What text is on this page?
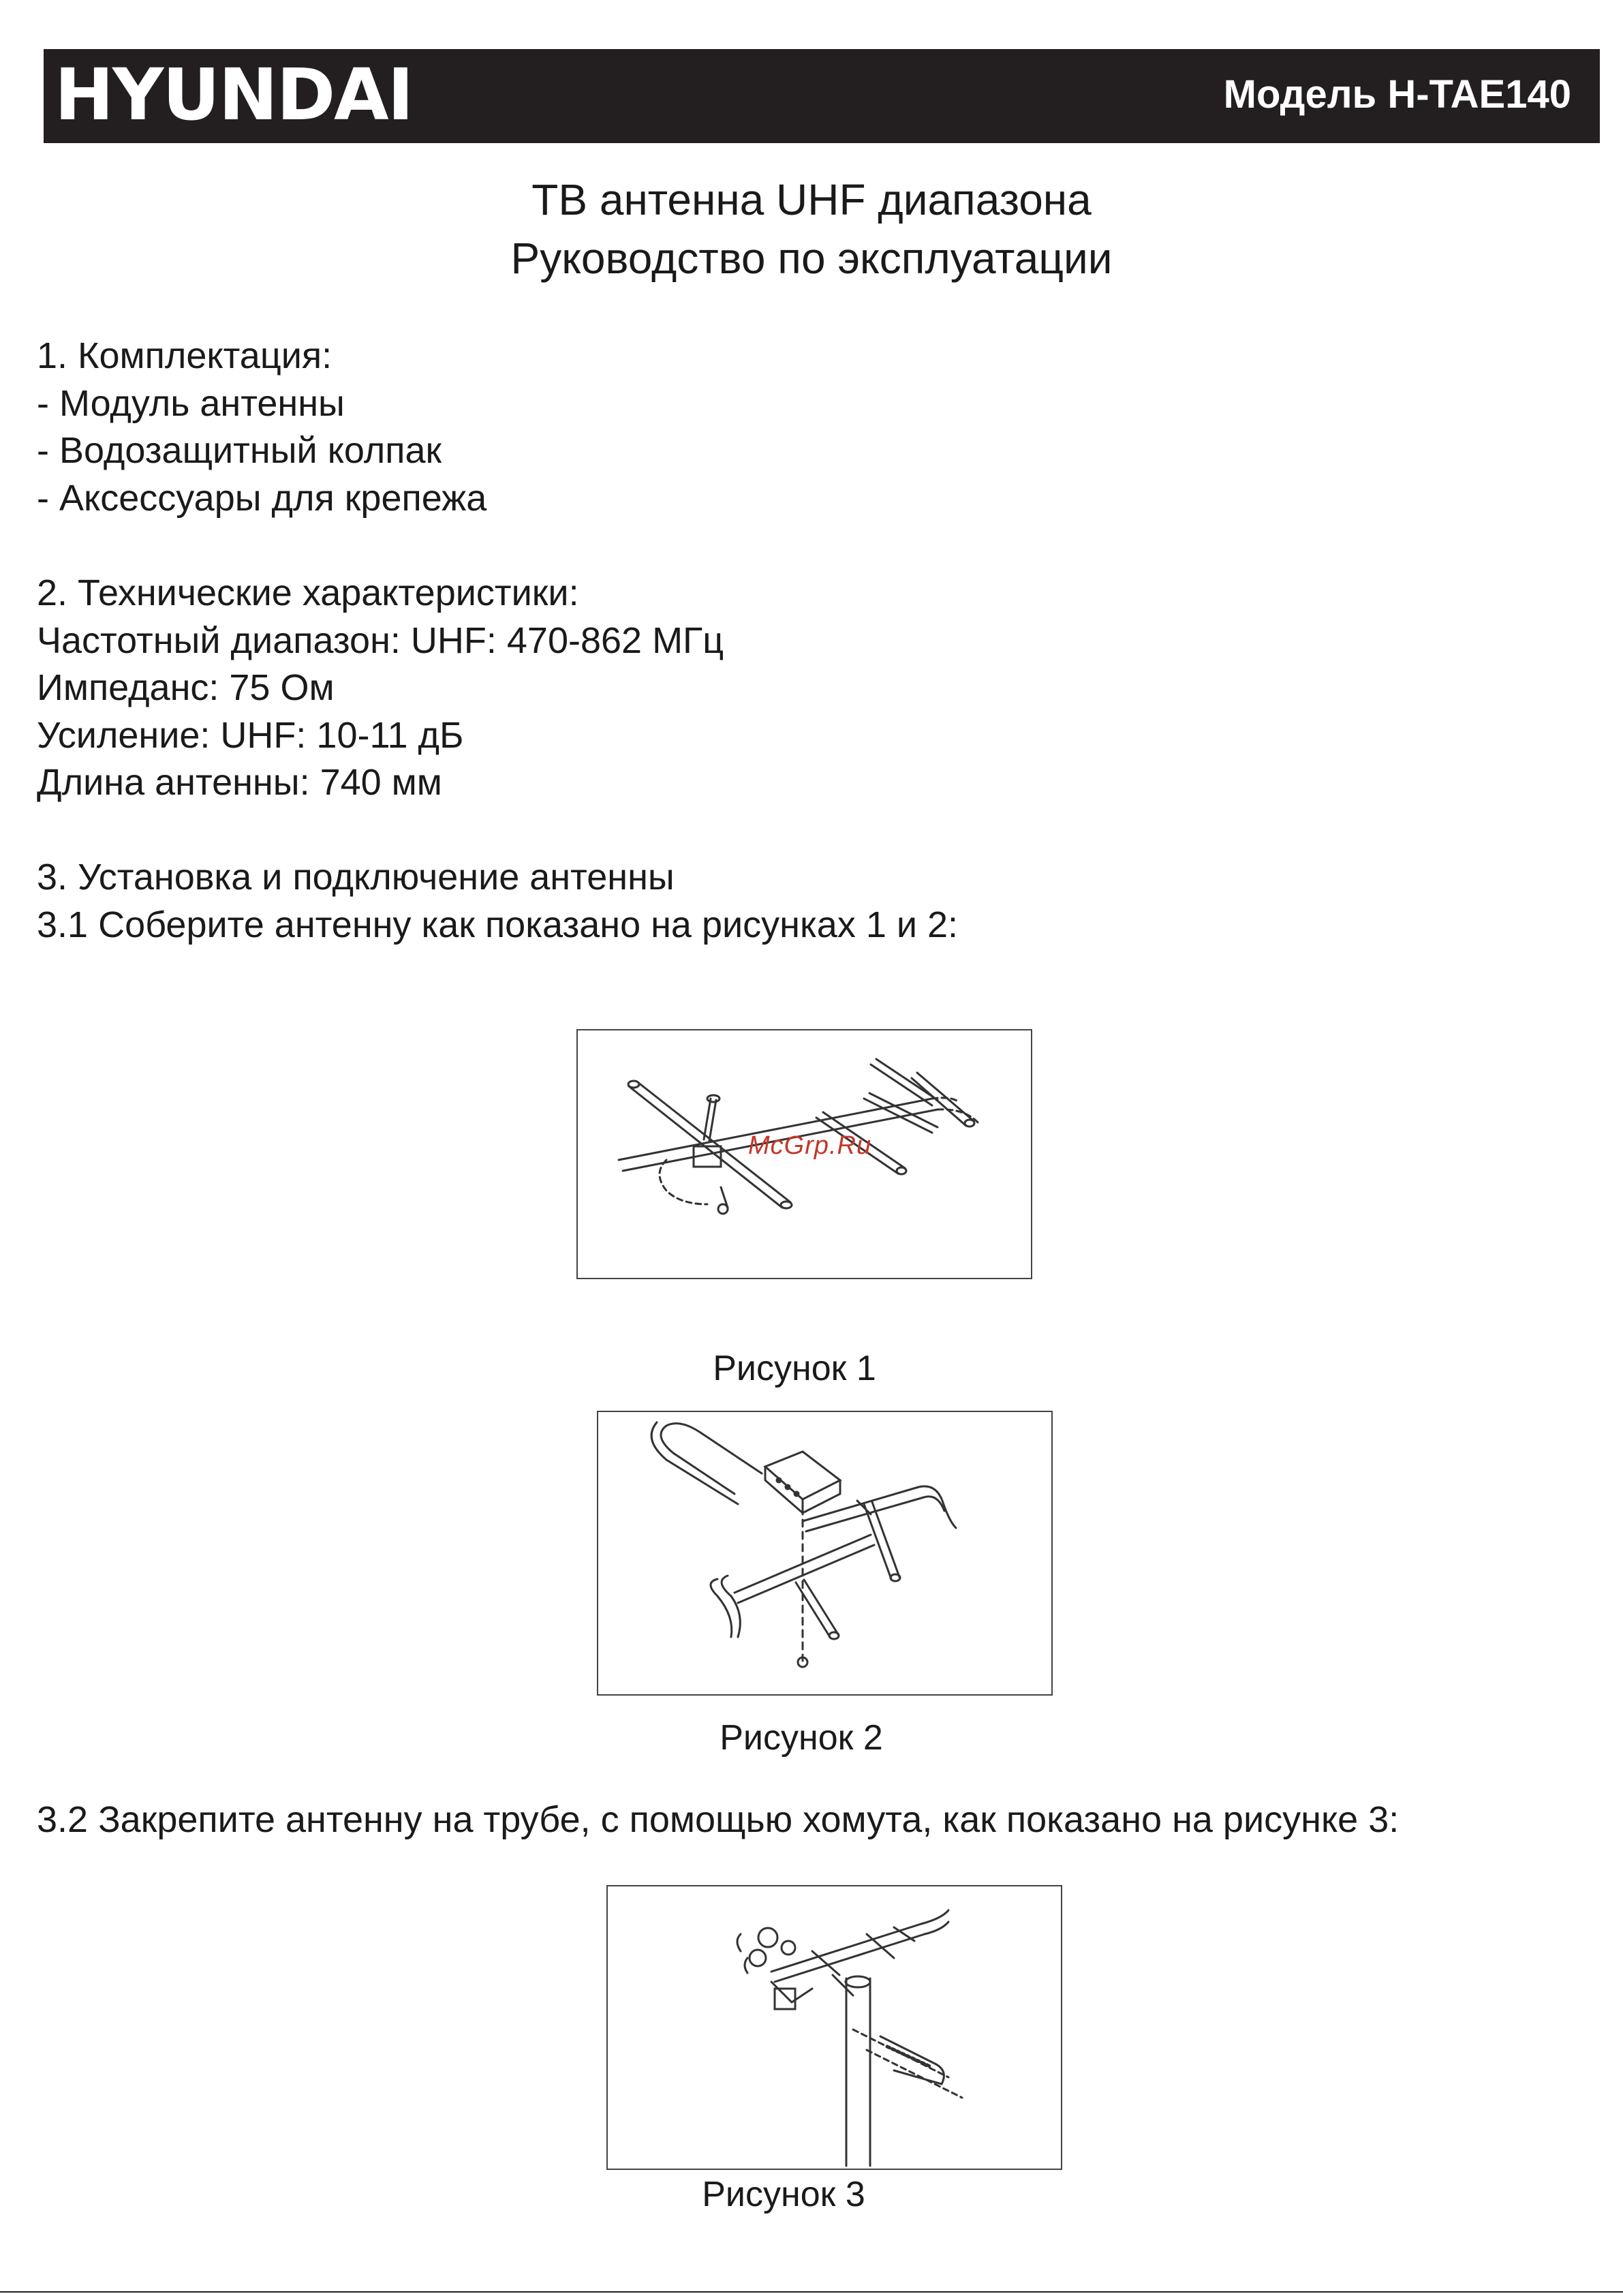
HYUNDAI	Модель H-TAE140
ТВ антенна UHF диапазона
Руководство по эксплуатации
1. Комплектация:
- Модуль антенны
- Водозащитный колпак
- Аксессуары для крепежа
2. Технические характеристики:
Частотный диапазон: UHF: 470-862 МГц
Импеданс: 75 Ом
Усиление: UHF: 10-11 дБ
Длина антенны: 740 мм
3. Установка и подключение антенны
3.1 Соберите антенну как показано на рисунках 1 и 2:
McGrp.Ru
Рисунок 1
Рисунок 2
3.2 Закрепите антенну на трубе, с помощью хомута, как показано на рисунке 3:
Рисунок 3
